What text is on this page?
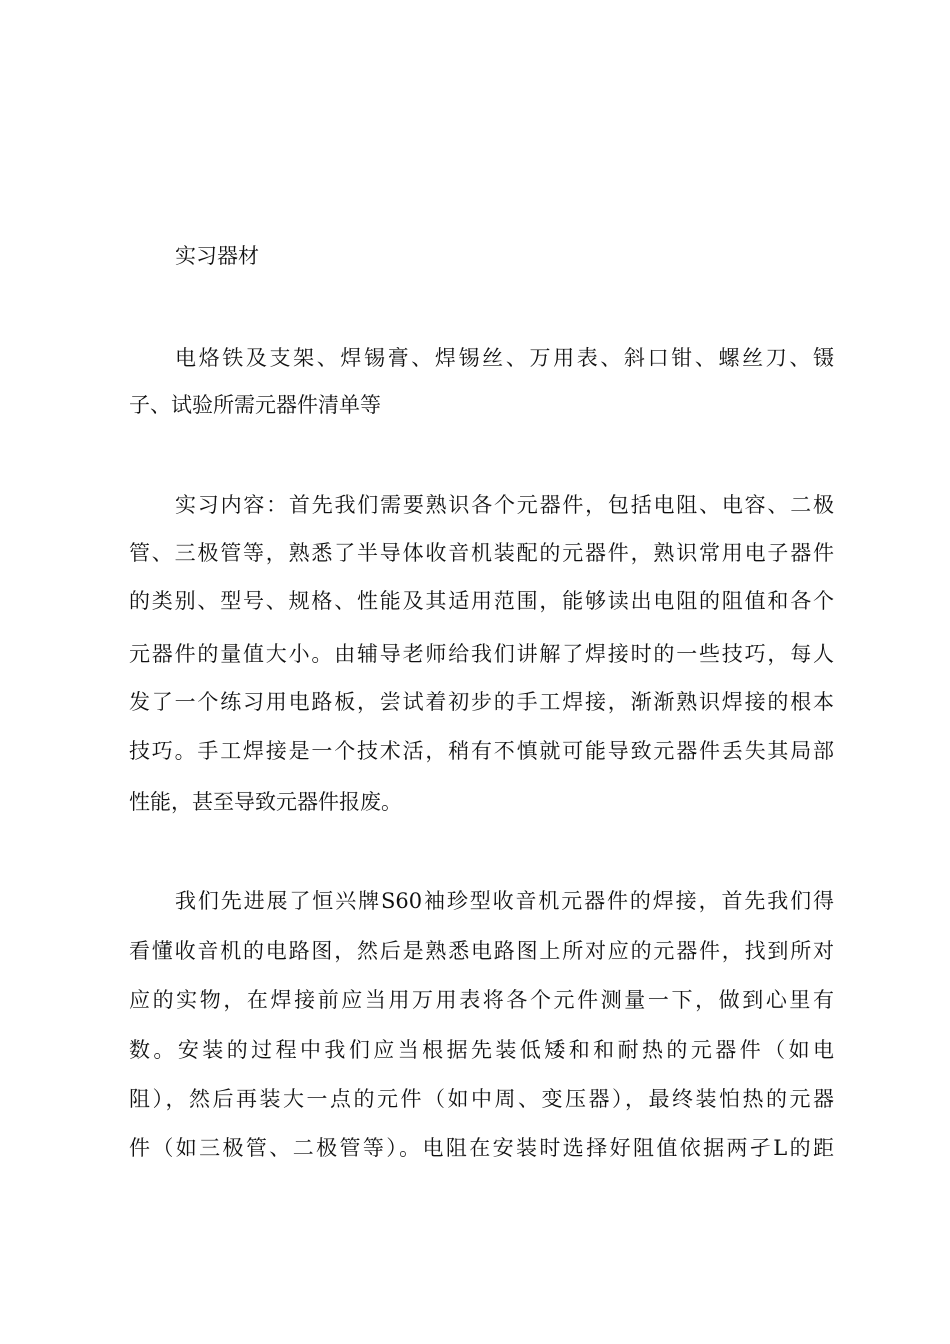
实习器材
电烙铁及支架、焊锡膏、焊锡丝、万用表、斜口钳、螺丝刀、镊
子、试验所需元器件清单等
实习内容：首先我们需要熟识各个元器件，包括电阻、电容、二极
管、三极管等，熟悉了半导体收音机装配的元器件，熟识常用电子器件
的类别、型号、规格、性能及其适用范围，能够读出电阻的阻值和各个
元器件的量值大小。由辅导老师给我们讲解了焊接时的一些技巧，每人
发了一个练习用电路板，尝试着初步的手工焊接，渐渐熟识焊接的根本
技巧。手工焊接是一个技术活，稍有不慎就可能导致元器件丢失其局部
性能，甚至导致元器件报废。
我们先进展了恒兴牌S60袖珍型收音机元器件的焊接，首先我们得
看懂收音机的电路图，然后是熟悉电路图上所对应的元器件，找到所对
应的实物，在焊接前应当用万用表将各个元件测量一下，做到心里有
数。安装的过程中我们应当根据先装低矮和和耐热的元器件（如电
阻），然后再装大一点的元件（如中周、变压器），最终装怕热的元器
件（如三极管、二极管等）。电阻在安装时选择好阻值依据两孑L的距
